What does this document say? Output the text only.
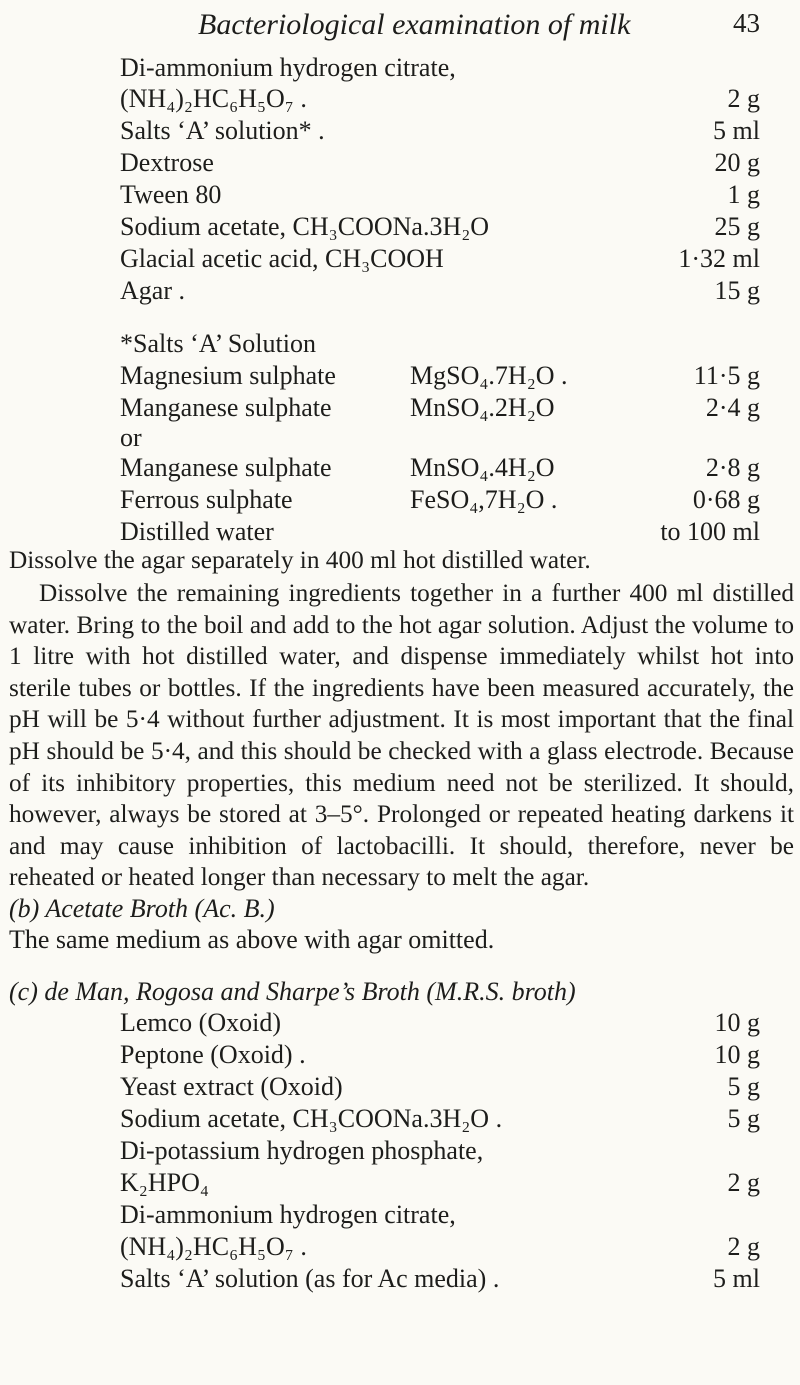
Bacteriological examination of milk	43
Di-ammonium hydrogen citrate,
(NH₄)₂HC₆H₅O₇ .	2 g
Salts ‘A’ solution* .	5 ml
Dextrose	20 g
Tween 80	1 g
Sodium acetate, CH₃COONa.3H₂O	25 g
Glacial acetic acid, CH₃COOH	1·32 ml
Agar .	15 g
*Salts ‘A’ Solution
Magnesium sulphate	MgSO₄.7H₂O .	11·5 g
Manganese sulphate	MnSO₄.2H₂O	2·4 g
or
Manganese sulphate	MnSO₄.4H₂O	2·8 g
Ferrous sulphate	FeSO₄,7H₂O .	0·68 g
Distilled water	to 100 ml
Dissolve the agar separately in 400 ml hot distilled water.
Dissolve the remaining ingredients together in a further 400 ml distilled water. Bring to the boil and add to the hot agar solution. Adjust the volume to 1 litre with hot distilled water, and dispense immediately whilst hot into sterile tubes or bottles. If the ingredients have been measured accurately, the pH will be 5·4 without further adjustment. It is most important that the final pH should be 5·4, and this should be checked with a glass electrode. Because of its inhibitory properties, this medium need not be sterilized. It should, however, always be stored at 3–5°. Prolonged or repeated heating darkens it and may cause inhibition of lactobacilli. It should, therefore, never be reheated or heated longer than necessary to melt the agar.
(b) Acetate Broth (Ac. B.)
The same medium as above with agar omitted.
(c) de Man, Rogosa and Sharpe’s Broth (M.R.S. broth)
Lemco (Oxoid)	10 g
Peptone (Oxoid) .	10 g
Yeast extract (Oxoid)	5 g
Sodium acetate, CH₃COONa.3H₂O .	5 g
Di-potassium hydrogen phosphate,
K₂HPO₄	2 g
Di-ammonium hydrogen citrate,
(NH₄)₂HC₆H₅O₇ .	2 g
Salts ‘A’ solution (as for Ac media) .	5 ml
